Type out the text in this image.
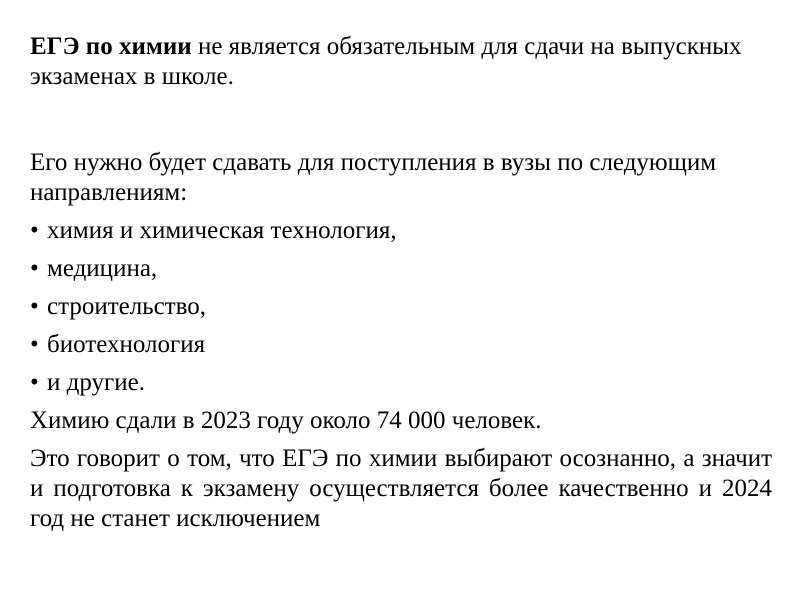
ЕГЭ по химии не является обязательным для сдачи на выпускных экзаменах в школе.

Его нужно будет сдавать для поступления в вузы по следующим направлениям:

• химия и химическая технология,
• медицина,
• строительство,
• биотехнология
• и другие.

Химию сдали в 2023 году около 74 000 человек.

Это говорит о том, что ЕГЭ по химии выбирают осознанно, а значит и подготовка к экзамену осуществляется более качественно и 2024 год не станет исключением
